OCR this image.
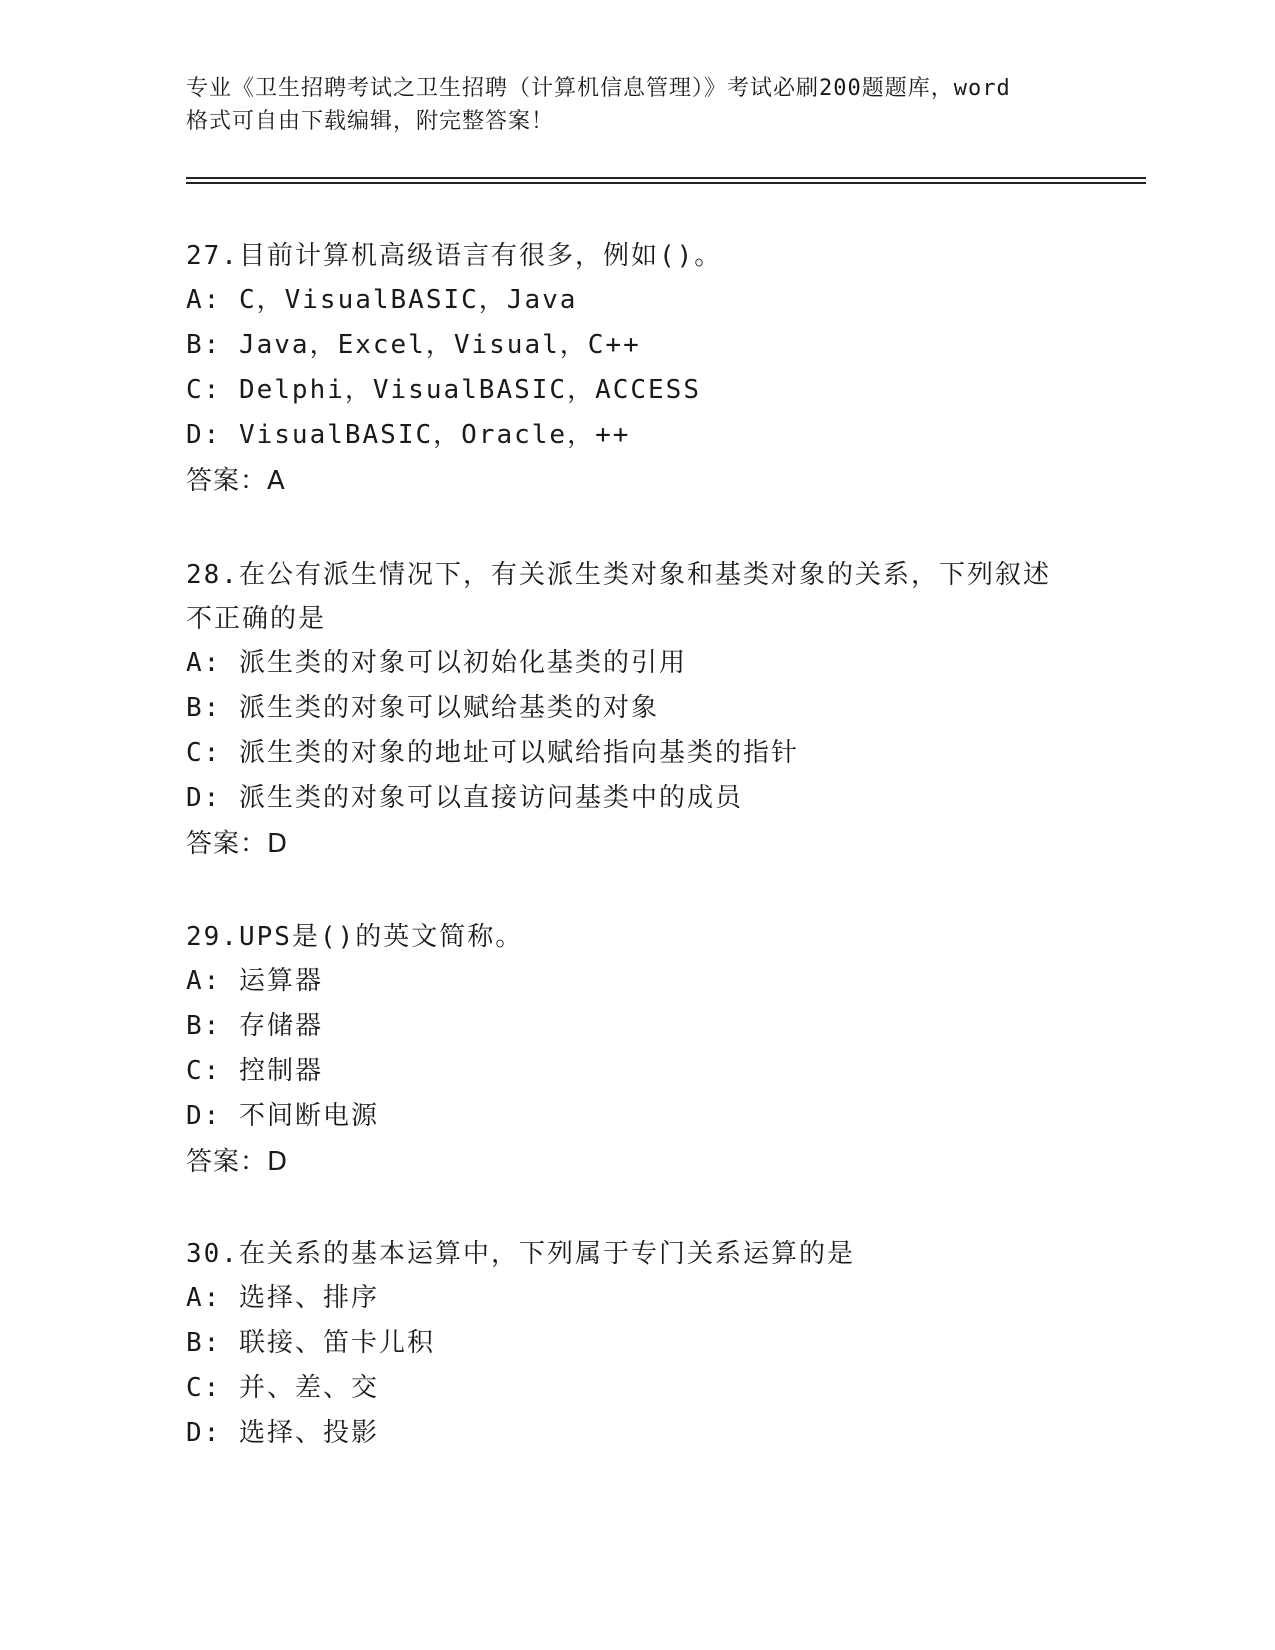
专业《卫生招聘考试之卫生招聘（计算机信息管理）》考试必刷200题题库，word
格式可自由下载编辑，附完整答案！

27.目前计算机高级语言有很多，例如()。

A: C，VisualBASIC，Java

B: Java，Excel，Visual，C++

C: Delphi，VisualBASIC，ACCESS

D: VisualBASIC，Oracle，++

答案：A

28.在公有派生情况下，有关派生类对象和基类对象的关系，下列叙述

不正确的是

A: 派生类的对象可以初始化基类的引用

B: 派生类的对象可以赋给基类的对象

C: 派生类的对象的地址可以赋给指向基类的指针

D: 派生类的对象可以直接访问基类中的成员

答案：D

29.UPS是()的英文简称。

A: 运算器

B: 存储器

C: 控制器

D: 不间断电源

答案：D

30.在关系的基本运算中，下列属于专门关系运算的是

A: 选择、排序

B: 联接、笛卡儿积

C: 并、差、交

D: 选择、投影
